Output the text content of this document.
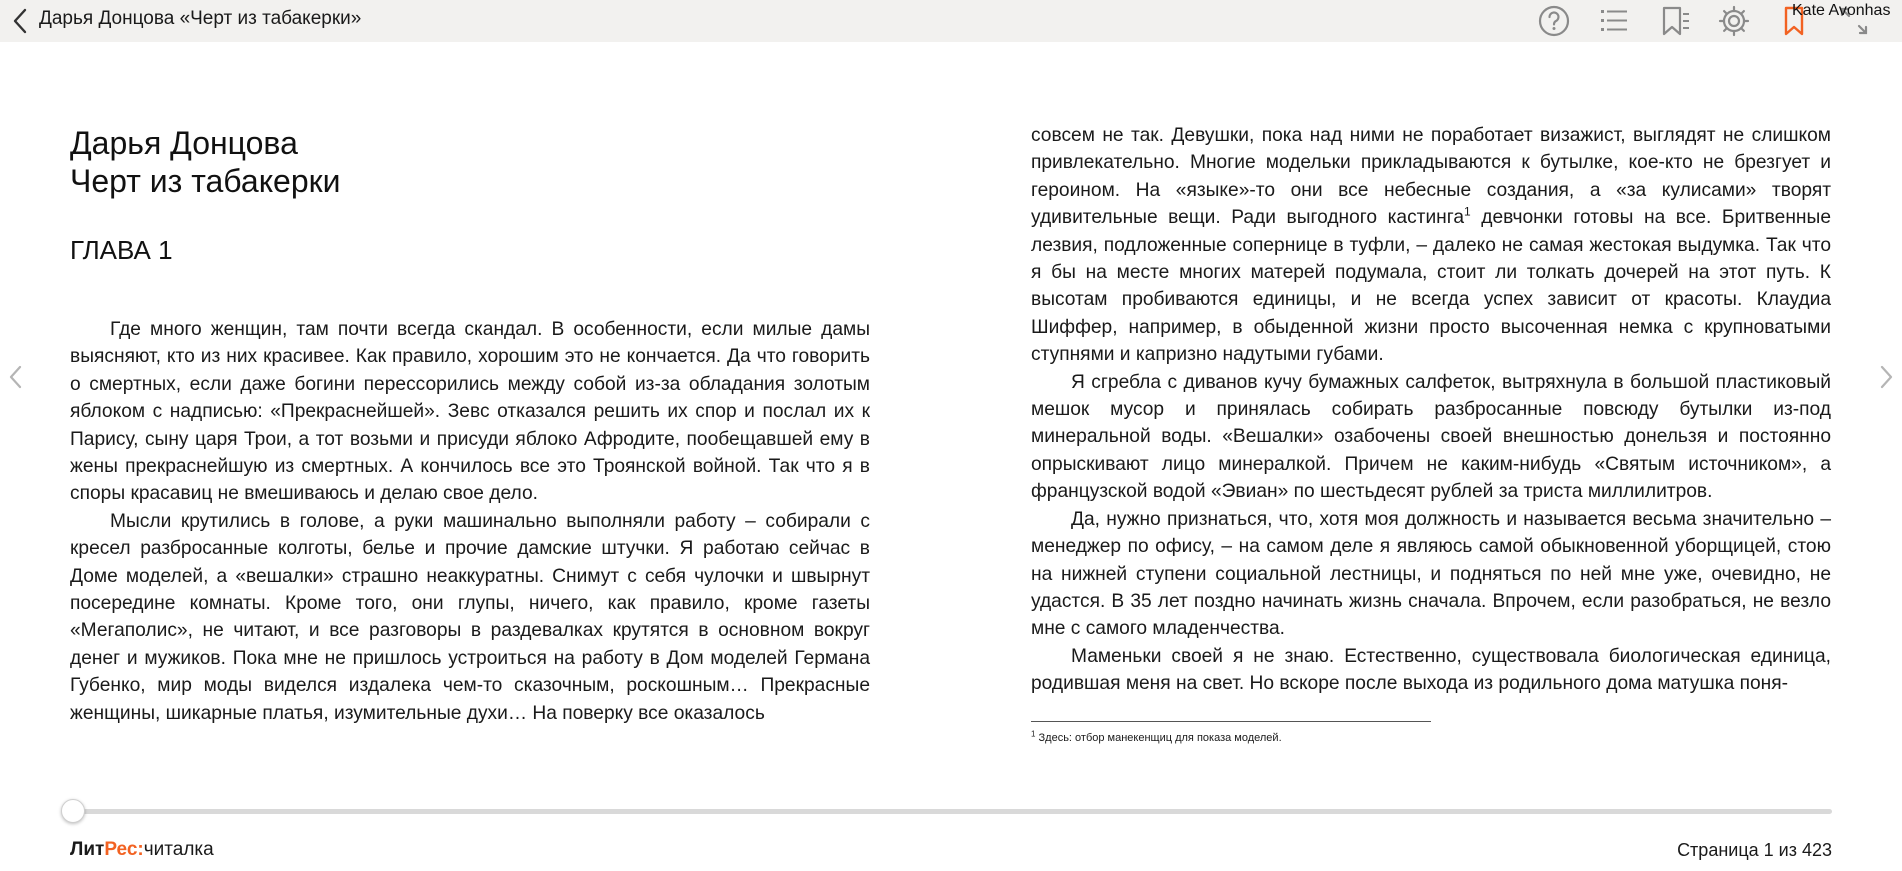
Дарья Донцова «Черт из табакерки»	Kate Avonhas
Дарья Донцова
Черт из табакерки
ГЛАВА 1

Где много женщин, там почти всегда скандал. В особенности, если милые дамы выясняют, кто из них красивее. Как правило, хорошим это не кончается. Да что говорить о смертных, если даже богини перессорились между собой из-за обладания золотым яблоком с надписью: «Прекраснейшей». Зевс отказался решить их спор и послал их к Парису, сыну царя Трои, а тот возьми и присуди яблоко Афродите, пообещавшей ему в жены прекраснейшую из смертных. А кончилось все это Троянской войной. Так что я в споры красавиц не вмешиваюсь и делаю свое дело.

Мысли крутились в голове, а руки машинально выполняли работу – собирали с кресел разбросанные колготы, белье и прочие дамские штучки. Я работаю сейчас в Доме моделей, а «вешалки» страшно неаккуратны. Снимут с себя чулочки и швырнут посередине комнаты. Кроме того, они глупы, ничего, как правило, кроме газеты «Мегаполис», не читают, и все разговоры в раздевалках крутятся в основном вокруг денег и мужиков. Пока мне не пришлось устроиться на работу в Дом моделей Германа Губенко, мир моды виделся издалека чем-то сказочным, роскошным… Прекрасные женщины, шикарные платья, изумительные духи… На поверку все оказалось

совсем не так. Девушки, пока над ними не поработает визажист, выглядят не слишком привлекательно. Многие модельки прикладываются к бутылке, кое-кто не брезгует и героином. На «языке»-то они все небесные создания, а «за кулисами» творят удивительные вещи. Ради выгодного кастинга$^1$ девчонки готовы на все. Бритвенные лезвия, подложенные сопернице в туфли, – далеко не самая жестокая выдумка. Так что я бы на месте многих матерей подумала, стоит ли толкать дочерей на этот путь. К высотам пробиваются единицы, и не всегда успех зависит от красоты. Клаудиа Шиффер, например, в обыденной жизни просто высоченная немка с крупноватыми ступнями и капризно надутыми губами.

Я сгребла с диванов кучу бумажных салфеток, вытряхнула в большой пластиковый мешок мусор и принялась собирать разбросанные повсюду бутылки из-под минеральной воды. «Вешалки» озабочены своей внешностью донельзя и постоянно опрыскивают лицо минералкой. Причем не каким-нибудь «Святым источником», а французской водой «Эвиан» по шестьдесят рублей за триста миллилитров.

Да, нужно признаться, что, хотя моя должность и называется весьма значительно – менеджер по офису, – на самом деле я являюсь самой обыкновенной уборщицей, стою на нижней ступени социальной лестницы, и подняться по ней мне уже, очевидно, не удастся. В 35 лет поздно начинать жизнь сначала. Впрочем, если разобраться, не везло мне с самого младенчества.

Маменьки своей я не знаю. Естественно, существовала биологическая единица, родившая меня на свет. Но вскоре после выхода из родильного дома матушка поня-

$^1$ Здесь: отбор манекенщиц для показа моделей.
ЛитРес:читалка	Страница 1 из 423
